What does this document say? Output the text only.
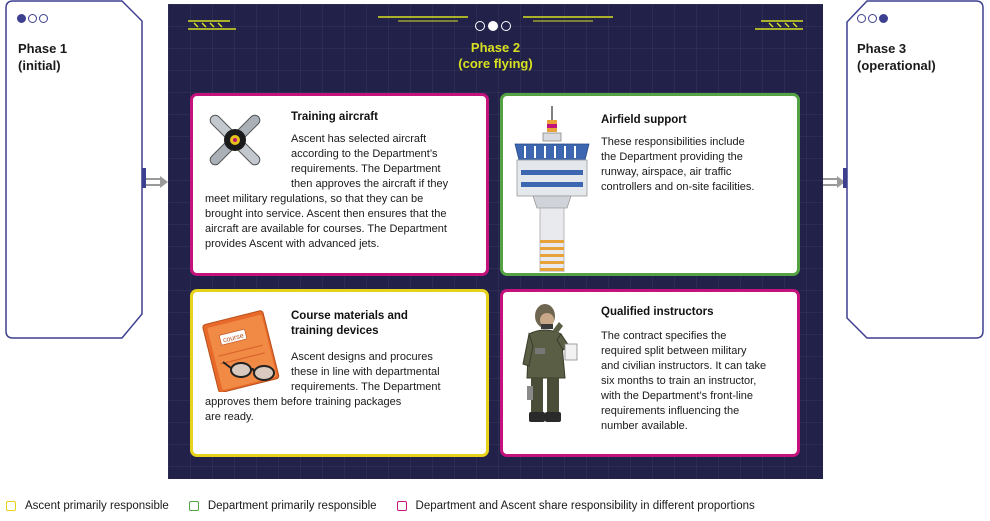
Phase 1
(initial)
Phase 2
(core flying)
Training aircraft

Ascent has selected aircraft
according to the Department’s
requirements. The Department
then approves the aircraft if they

meet military regulations, so that they can be
brought into service. Ascent then ensures that the
aircraft are available for courses. The Department
provides Ascent with advanced jets.

Airfield support

These responsibilities include
the Department providing the
runway, airspace, air traffic
controllers and on-site facilities.

course
Course materials and
training devices

Ascent designs and procures
these in line with departmental
requirements. The Department

approves them before training packages
are ready.

Qualified instructors

The contract specifies the
required split between military
and civilian instructors. It can take
six months to train an instructor,
with the Department’s front-line
requirements influencing the
number available.

Phase 3
(operational)
Ascent primarily responsible	Department primarily responsible	Department and Ascent share responsibility in different proportions
